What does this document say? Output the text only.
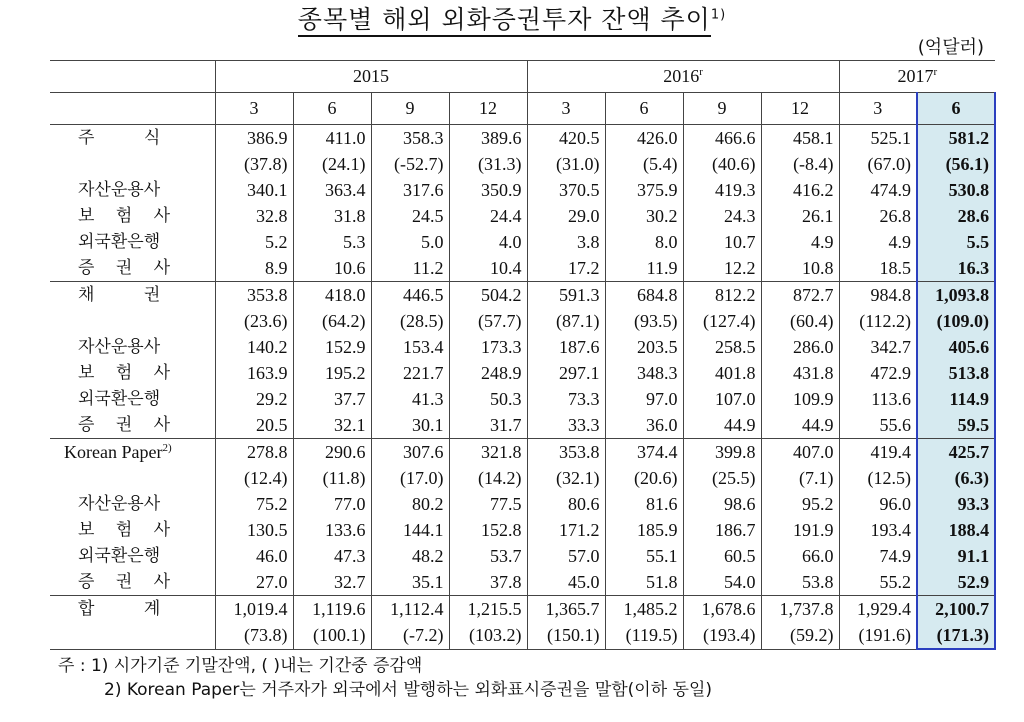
종목별 해외 외화증권투자 잔액 추이$^{1)}$
(억달러)
	2015				2016$^r$				2017$^r$
	3	6	9	12	3	6	9	12	3	6
주 식	386.9	411.0	358.3	389.6	420.5	426.0	466.6	458.1	525.1	581.2
	(37.8)	(24.1)	(-52.7)	(31.3)	(31.0)	(5.4)	(40.6)	(-8.4)	(67.0)	(56.1)
자산운용사	340.1	363.4	317.6	350.9	370.5	375.9	419.3	416.2	474.9	530.8
보 험 사	32.8	31.8	24.5	24.4	29.0	30.2	24.3	26.1	26.8	28.6
외국환은행	5.2	5.3	5.0	4.0	3.8	8.0	10.7	4.9	4.9	5.5
증 권 사	8.9	10.6	11.2	10.4	17.2	11.9	12.2	10.8	18.5	16.3
채 권	353.8	418.0	446.5	504.2	591.3	684.8	812.2	872.7	984.8	1,093.8
	(23.6)	(64.2)	(28.5)	(57.7)	(87.1)	(93.5)	(127.4)	(60.4)	(112.2)	(109.0)
자산운용사	140.2	152.9	153.4	173.3	187.6	203.5	258.5	286.0	342.7	405.6
보 험 사	163.9	195.2	221.7	248.9	297.1	348.3	401.8	431.8	472.9	513.8
외국환은행	29.2	37.7	41.3	50.3	73.3	97.0	107.0	109.9	113.6	114.9
증 권 사	20.5	32.1	30.1	31.7	33.3	36.0	44.9	44.9	55.6	59.5
Korean Paper$^{2)}$	278.8	290.6	307.6	321.8	353.8	374.4	399.8	407.0	419.4	425.7
	(12.4)	(11.8)	(17.0)	(14.2)	(32.1)	(20.6)	(25.5)	(7.1)	(12.5)	(6.3)
자산운용사	75.2	77.0	80.2	77.5	80.6	81.6	98.6	95.2	96.0	93.3
보 험 사	130.5	133.6	144.1	152.8	171.2	185.9	186.7	191.9	193.4	188.4
외국환은행	46.0	47.3	48.2	53.7	57.0	55.1	60.5	66.0	74.9	91.1
증 권 사	27.0	32.7	35.1	37.8	45.0	51.8	54.0	53.8	55.2	52.9
합 계	1,019.4	1,119.6	1,112.4	1,215.5	1,365.7	1,485.2	1,678.6	1,737.8	1,929.4	2,100.7
	(73.8)	(100.1)	(-7.2)	(103.2)	(150.1)	(119.5)	(193.4)	(59.2)	(191.6)	(171.3)
주 : 1) 시가기준 기말잔액, ( )내는 기간중 증감액
2) Korean Paper는 거주자가 외국에서 발행하는 외화표시증권을 말함(이하 동일)
